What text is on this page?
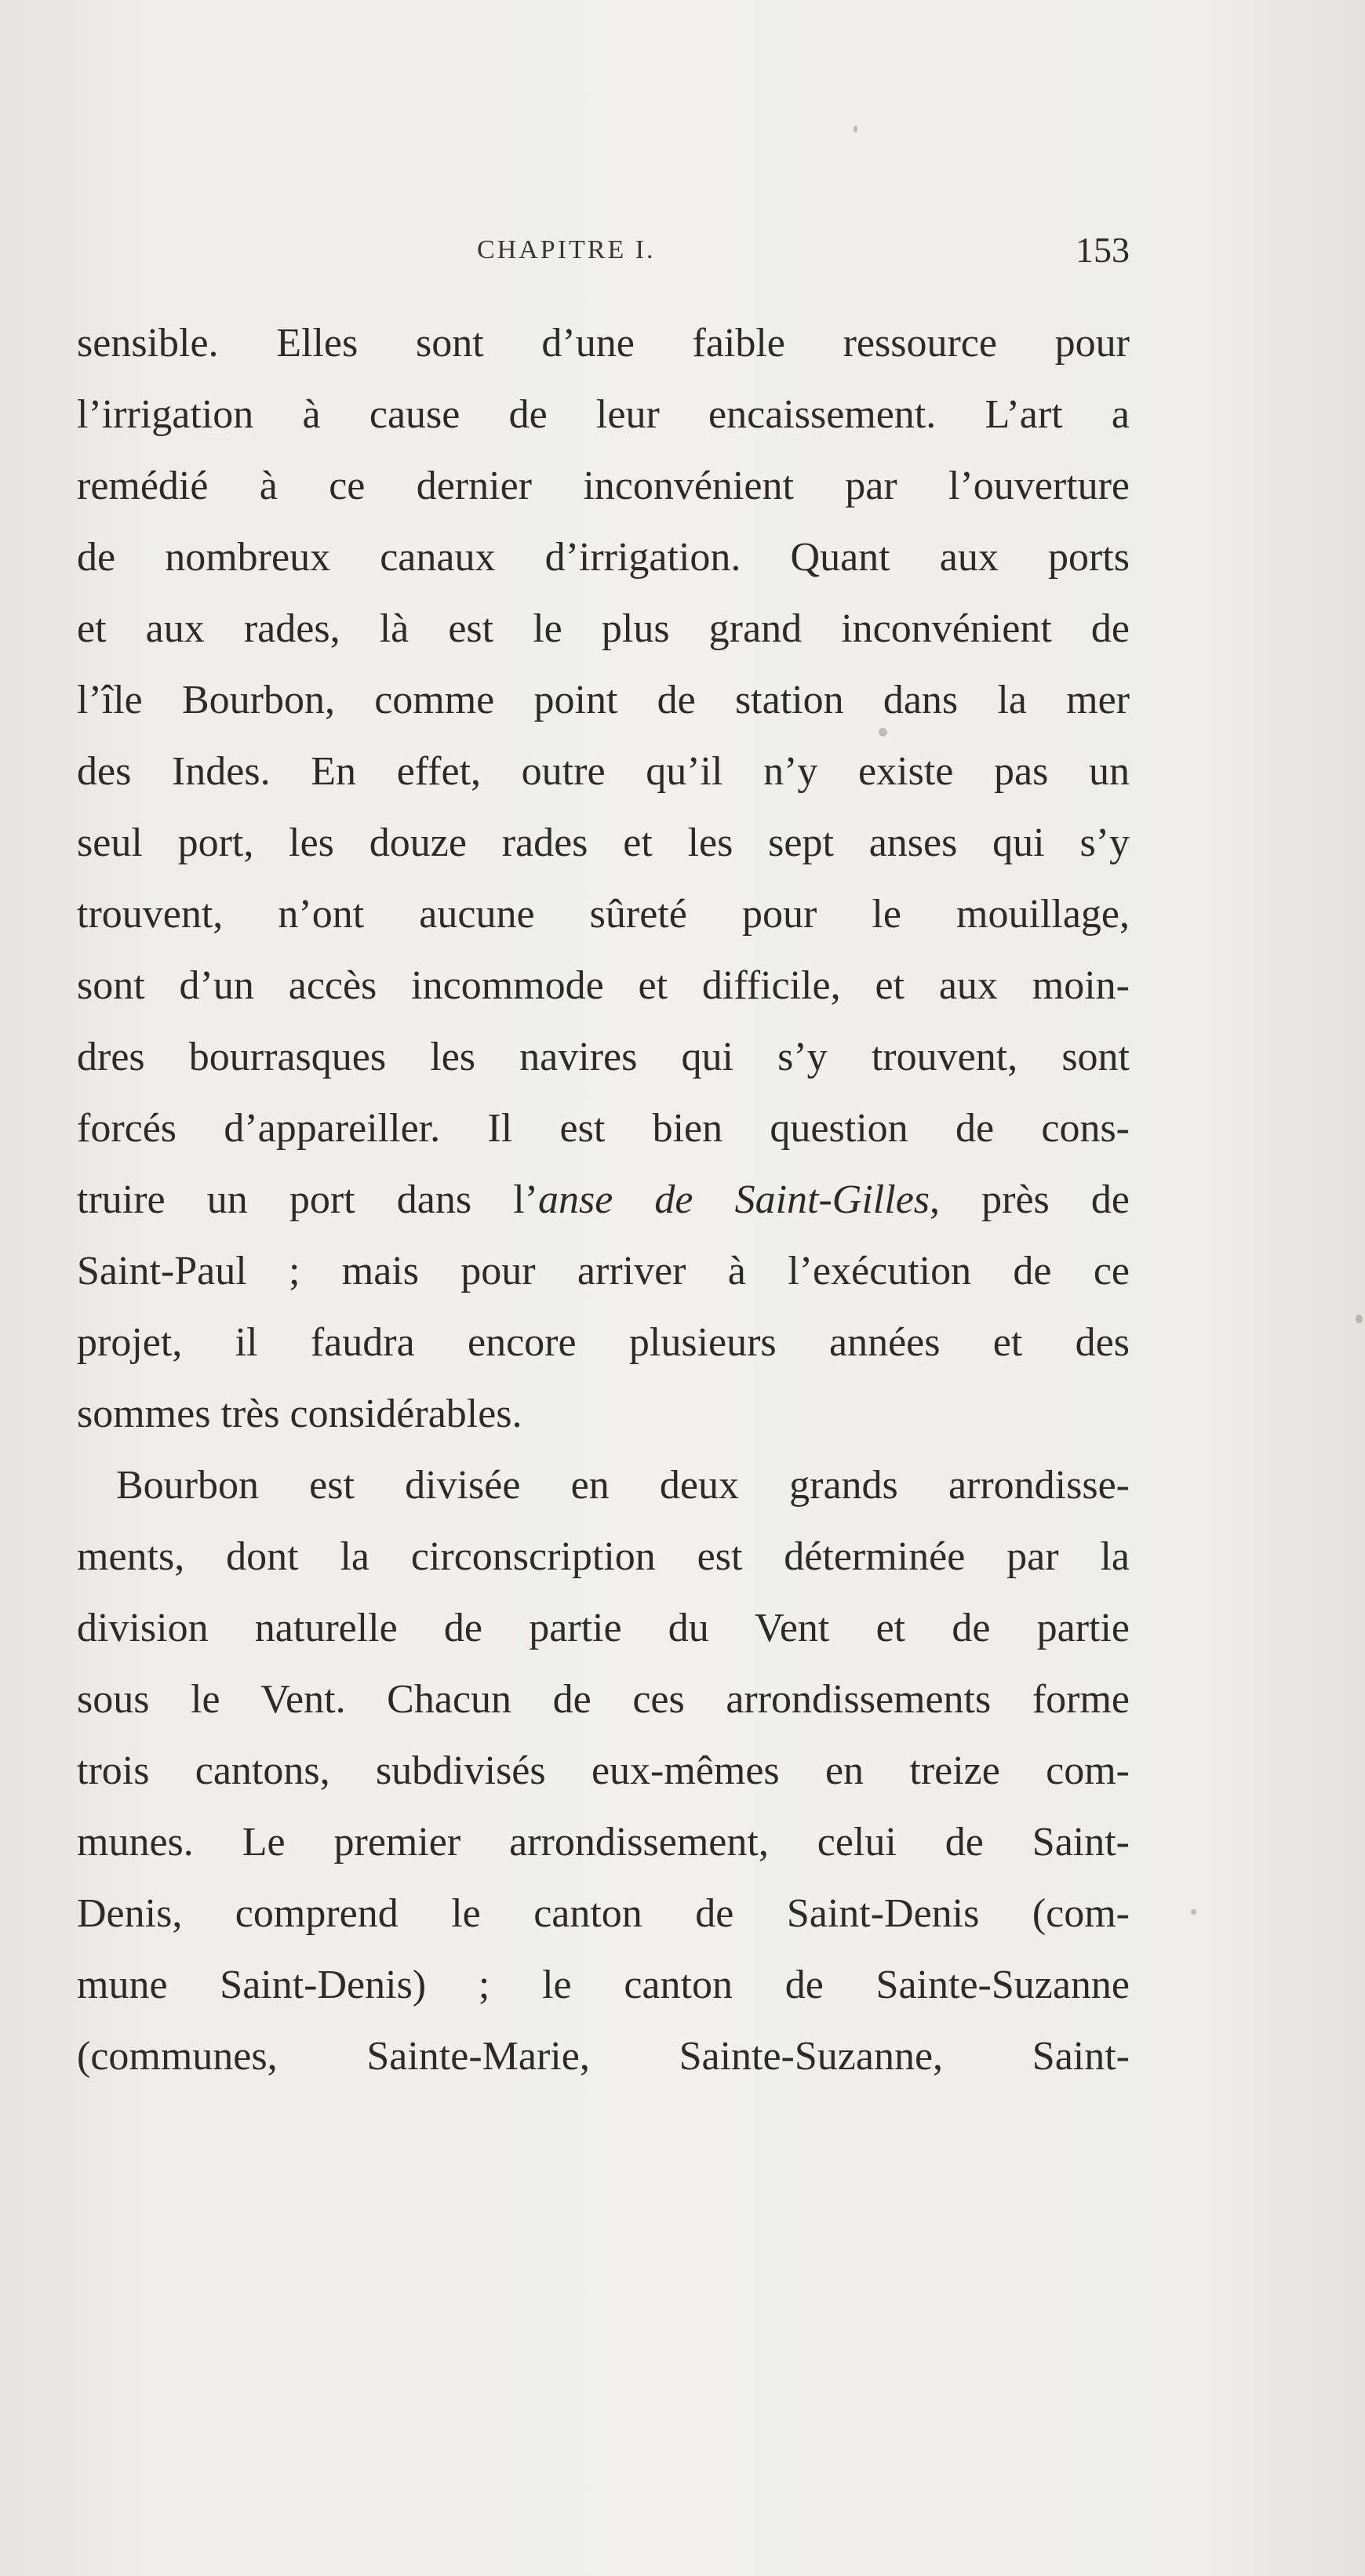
CHAPITRE I.	153

sensible. Elles sont d’une faible ressource pour
l’irrigation à cause de leur encaissement. L’art a
remédié à ce dernier inconvénient par l’ouverture
de nombreux canaux d’irrigation. Quant aux ports
et aux rades, là est le plus grand inconvénient de
l’île Bourbon, comme point de station dans la mer
des Indes. En effet, outre qu’il n’y existe pas un
seul port, les douze rades et les sept anses qui s’y
trouvent, n’ont aucune sûreté pour le mouillage,
sont d’un accès incommode et difficile, et aux moin-
dres bourrasques les navires qui s’y trouvent, sont
forcés d’appareiller. Il est bien question de cons-
truire un port dans l’anse de Saint-Gilles, près de
Saint-Paul ; mais pour arriver à l’exécution de ce
projet, il faudra encore plusieurs années et des
sommes très considérables.

Bourbon est divisée en deux grands arrondisse-
ments, dont la circonscription est déterminée par la
division naturelle de partie du Vent et de partie
sous le Vent. Chacun de ces arrondissements forme
trois cantons, subdivisés eux-mêmes en treize com-
munes. Le premier arrondissement, celui de Saint-
Denis, comprend le canton de Saint-Denis (com-
mune Saint-Denis) ; le canton de Sainte-Suzanne
(communes, Sainte-Marie, Sainte-Suzanne, Saint-
